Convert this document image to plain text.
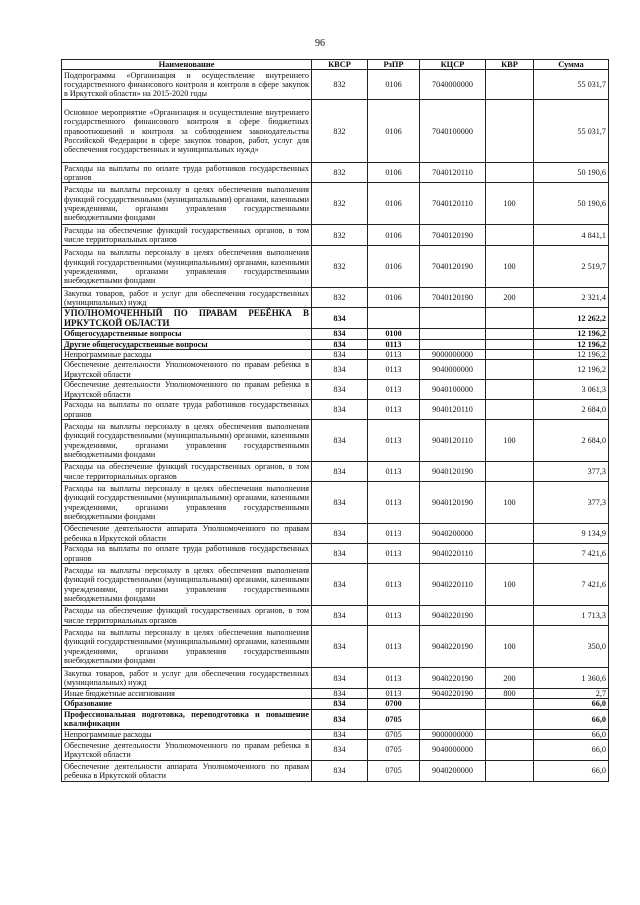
96
Наименование	КВСР	РзПР	КЦСР	КВР	Сумма
Подпрограмма «Организация и осуществление внутреннего государственного финансового контроля и контроля в сфере закупок в Иркутской области» на 2015-2020 годы	832	0106	7040000000		55 031,7
Основное мероприятие «Организация и осуществление внутреннего государственного финансового контроля в сфере бюджетных правоотношений и контроля за соблюдением законодательства Российской Федерации в сфере закупок товаров, работ, услуг для обеспечения государственных и муниципальных нужд»	832	0106	7040100000		55 031,7
Расходы на выплаты по оплате труда работников государственных органов	832	0106	7040120110		50 190,6
Расходы на выплаты персоналу в целях обеспечения выполнения функций государственными (муниципальными) органами, казенными учреждениями, органами управления государственными внебюджетными фондами	832	0106	7040120110	100	50 190,6
Расходы на обеспечение функций государственных органов, в том числе территориальных органов	832	0106	7040120190		4 841,1
Расходы на выплаты персоналу в целях обеспечения выполнения функций государственными (муниципальными) органами, казенными учреждениями, органами управления государственными внебюджетными фондами	832	0106	7040120190	100	2 519,7
Закупка товаров, работ и услуг для обеспечения государственных (муниципальных) нужд	832	0106	7040120190	200	2 321,4
УПОЛНОМОЧЕННЫЙ ПО ПРАВАМ РЕБЁНКА В ИРКУТСКОЙ ОБЛАСТИ	834				12 262,2
Общегосударственные вопросы	834	0100			12 196,2
Другие общегосударственные вопросы	834	0113			12 196,2
Непрограммные расходы	834	0113	9000000000		12 196,2
Обеспечение деятельности Уполномоченного по правам ребенка в Иркутской области	834	0113	9040000000		12 196,2
Обеспечение деятельности Уполномоченного по правам ребенка в Иркутской области	834	0113	9040100000		3 061,3
Расходы на выплаты по оплате труда работников государственных органов	834	0113	9040120110		2 684,0
Расходы на выплаты персоналу в целях обеспечения выполнения функций государственными (муниципальными) органами, казенными учреждениями, органами управления государственными внебюджетными фондами	834	0113	9040120110	100	2 684,0
Расходы на обеспечение функций государственных органов, в том числе территориальных органов	834	0113	9040120190		377,3
Расходы на выплаты персоналу в целях обеспечения выполнения функций государственными (муниципальными) органами, казенными учреждениями, органами управления государственными внебюджетными фондами	834	0113	9040120190	100	377,3
Обеспечение деятельности аппарата Уполномоченного по правам ребенка в Иркутской области	834	0113	9040200000		9 134,9
Расходы на выплаты по оплате труда работников государственных органов	834	0113	9040220110		7 421,6
Расходы на выплаты персоналу в целях обеспечения выполнения функций государственными (муниципальными) органами, казенными учреждениями, органами управления государственными внебюджетными фондами	834	0113	9040220110	100	7 421,6
Расходы на обеспечение функций государственных органов, в том числе территориальных органов	834	0113	9040220190		1 713,3
Расходы на выплаты персоналу в целях обеспечения выполнения функций государственными (муниципальными) органами, казенными учреждениями, органами управления государственными внебюджетными фондами	834	0113	9040220190	100	350,0
Закупка товаров, работ и услуг для обеспечения государственных (муниципальных) нужд	834	0113	9040220190	200	1 360,6
Иные бюджетные ассигнования	834	0113	9040220190	800	2,7
Образование	834	0700			66,0
Профессиональная подготовка, переподготовка и повышение квалификации	834	0705			66,0
Непрограммные расходы	834	0705	9000000000		66,0
Обеспечение деятельности Уполномоченного по правам ребенка в Иркутской области	834	0705	9040000000		66,0
Обеспечение деятельности аппарата Уполномоченного по правам ребенка в Иркутской области	834	0705	9040200000		66,0
